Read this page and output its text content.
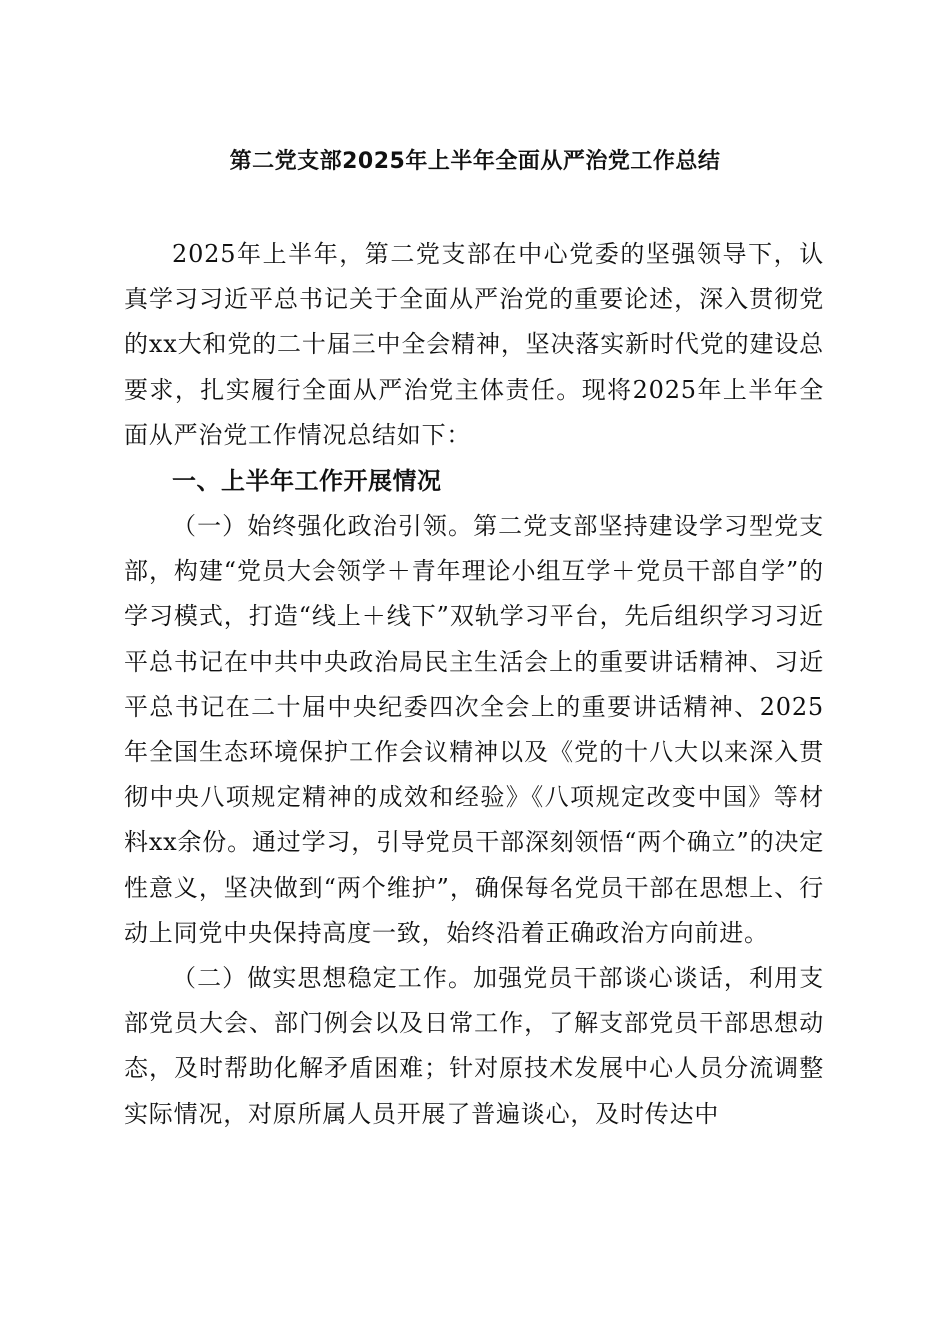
第二党支部2025年上半年全面从严治党工作总结

2025年上半年，第二党支部在中心党委的坚强领导下，认真学习习近平总书记关于全面从严治党的重要论述，深入贯彻党的xx大和党的二十届三中全会精神，坚决落实新时代党的建设总要求，扎实履行全面从严治党主体责任。现将2025年上半年全面从严治党工作情况总结如下：

一、上半年工作开展情况

（一）始终强化政治引领。第二党支部坚持建设学习型党支部，构建“党员大会领学＋青年理论小组互学＋党员干部自学”的学习模式，打造“线上＋线下”双轨学习平台，先后组织学习习近平总书记在中共中央政治局民主生活会上的重要讲话精神、习近平总书记在二十届中央纪委四次全会上的重要讲话精神、2025年全国生态环境保护工作会议精神以及《党的十八大以来深入贯彻中央八项规定精神的成效和经验》《八项规定改变中国》等材料xx余份。通过学习，引导党员干部深刻领悟“两个确立”的决定性意义，坚决做到“两个维护”，确保每名党员干部在思想上、行动上同党中央保持高度一致，始终沿着正确政治方向前进。

（二）做实思想稳定工作。加强党员干部谈心谈话，利用支部党员大会、部门例会以及日常工作，了解支部党员干部思想动态，及时帮助化解矛盾困难；针对原技术发展中心人员分流调整实际情况，对原所属人员开展了普遍谈心，及时传达中
